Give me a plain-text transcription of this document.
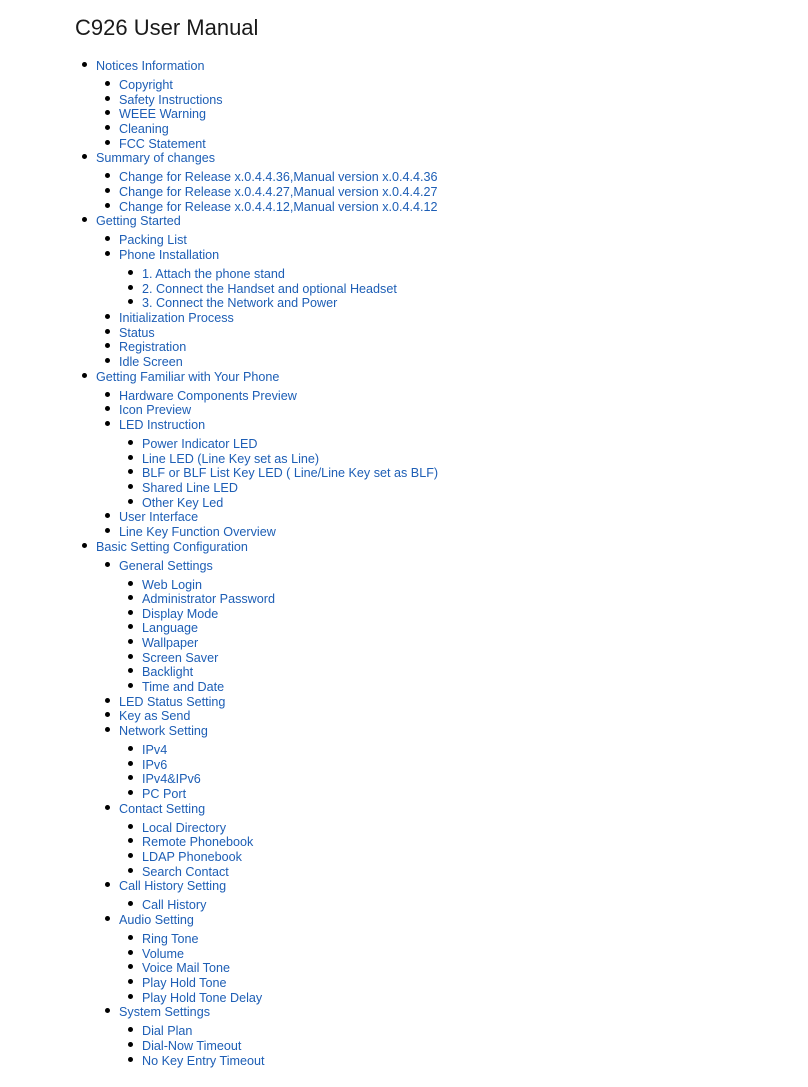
C926 User Manual
Notices Information
Copyright
Safety Instructions
WEEE Warning
Cleaning
FCC Statement
Summary of changes
Change for Release x.0.4.4.36,Manual version x.0.4.4.36
Change for Release x.0.4.4.27,Manual version x.0.4.4.27
Change for Release x.0.4.4.12,Manual version x.0.4.4.12
Getting Started
Packing List
Phone Installation
1. Attach the phone stand
2. Connect the Handset and optional Headset
3. Connect the Network and Power
Initialization Process
Status
Registration
Idle Screen
Getting Familiar with Your Phone
Hardware Components Preview
Icon Preview
LED Instruction
Power Indicator LED
Line LED (Line Key set as Line)
BLF or BLF List Key LED ( Line/Line Key set as BLF)
Shared Line LED
Other Key Led
User Interface
Line Key Function Overview
Basic Setting Configuration
General Settings
Web Login
Administrator Password
Display Mode
Language
Wallpaper
Screen Saver
Backlight
Time and Date
LED Status Setting
Key as Send
Network Setting
IPv4
IPv6
IPv4&IPv6
PC Port
Contact Setting
Local Directory
Remote Phonebook
LDAP Phonebook
Search Contact
Call History Setting
Call History
Audio Setting
Ring Tone
Volume
Voice Mail Tone
Play Hold Tone
Play Hold Tone Delay
System Settings
Dial Plan
Dial-Now Timeout
No Key Entry Timeout
